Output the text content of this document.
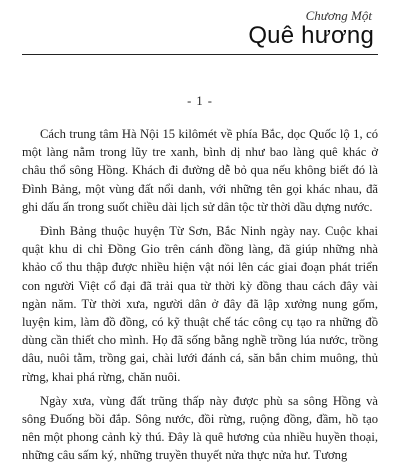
Chương Một
Quê hương
- 1 -

Cách trung tâm Hà Nội 15 kilômét về phía Bắc, dọc Quốc lộ 1, có một làng nằm trong lũy tre xanh, bình dị như bao làng quê khác ở châu thổ sông Hồng. Khách đi đường dễ bỏ qua nếu không biết đó là Đình Bảng, một vùng đất nổi danh, với những tên gọi khác nhau, đã ghi dấu ấn trong suốt chiều dài lịch sử dân tộc từ thời dầu dựng nước.

Đình Bảng thuộc huyện Từ Sơn, Bắc Ninh ngày nay. Cuộc khai quật khu di chỉ Đồng Gio trên cánh đồng làng, đã giúp những nhà khảo cổ thu thập được nhiều hiện vật nói lên các giai đoạn phát triển con người Việt cổ đại đã trải qua từ thời kỳ đồng thau cách đây vài ngàn năm. Từ thời xưa, người dân ở đây đã lập xưởng nung gốm, luyện kim, làm đồ đồng, có kỹ thuật chế tác công cụ tạo ra những đồ dùng cần thiết cho mình. Họ đã sống bằng nghề trồng lúa nước, trồng dâu, nuôi tằm, trồng gai, chài lưới đánh cá, săn bắn chim muông, thủ rừng, khai phá rừng, chăn nuôi.

Ngày xưa, vùng đất trũng thấp này được phù sa sông Hồng và sông Đuống bồi đắp. Sông nước, đồi rừng, ruộng đồng, đầm, hồ tạo nên một phong cảnh kỳ thú. Đây là quê hương của nhiều huyền thoại, những câu sấm ký, những truyền thuyết nửa thực nửa hư. Tương
